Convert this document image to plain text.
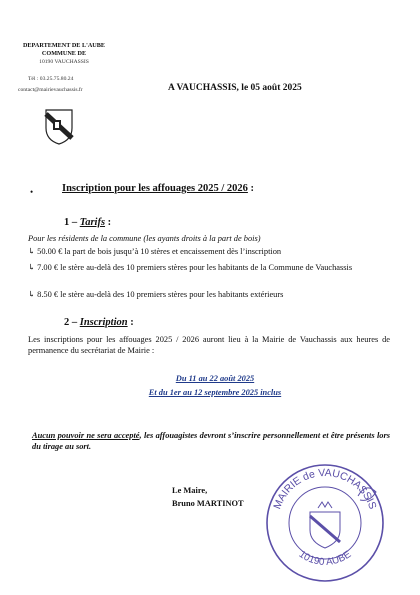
DEPARTEMENT DE L'AUBE
COMMUNE DE
10190 VAUCHASSIS
Tél : 03.25.75.80.24
contact@mairievauchassis.fr	A VAUCHASSIS, le 05 août 2025
•	Inscription pour les affouages 2025 / 2026 :
1 – Tarifs :
Pour les résidents de la commune (les ayants droits à la part de bois)
↳ 50.00 € la part de bois jusqu’à 10 stères et encaissement dès l’inscription
↳ 7.00 € le stère au-delà des 10 premiers stères pour les habitants de la Commune de Vauchassis
↳ 8.50 € le stère au-delà des 10 premiers stères pour les habitants extérieurs
2 – Inscription :
Les inscriptions pour les affouages 2025 / 2026 auront lieu à la Mairie de Vauchassis aux heures de permanence du secrétariat de Mairie :
Du 11 au 22 août 2025
Et du 1er au 12 septembre 2025 inclus
Aucun pouvoir ne sera accepté, les affouagistes devront s’inscrire personnellement et être présents lors du tirage au sort.
Le Maire,
Bruno MARTINOT	MAIRIE de VAUCHASSIS
10190 AUBE
